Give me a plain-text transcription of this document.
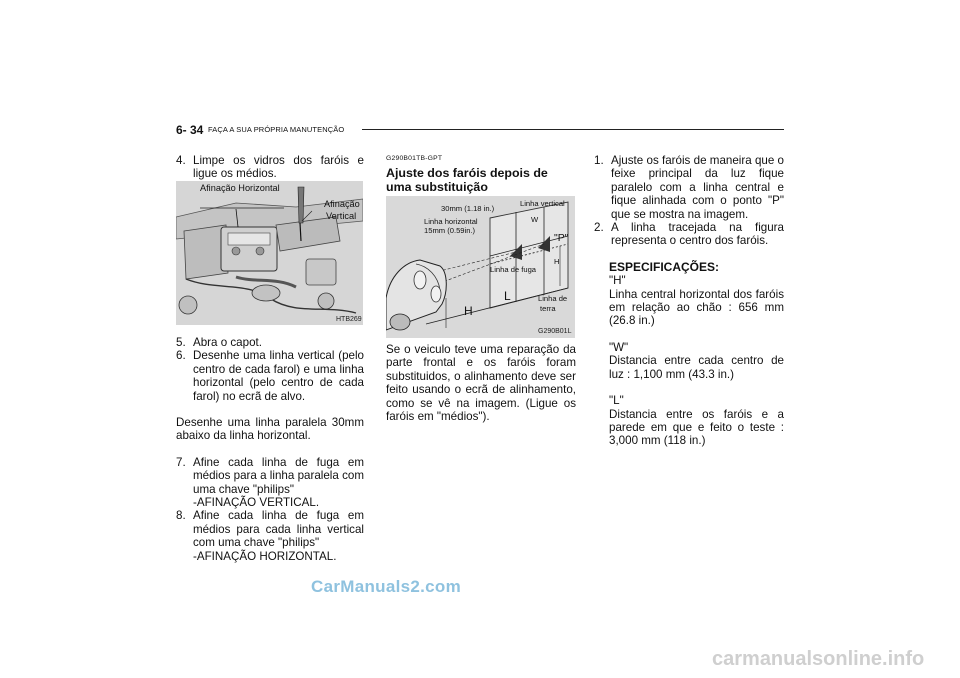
6- 34 FAÇA A SUA PRÓPRIA MANUTENÇÃO

4. Limpe os vidros dos faróis e ligue os médios.

Afinação Horizontal
Afinação
Vertical
HTB269

5. Abra o capot.

6. Desenhe uma linha vertical (pelo centro de cada farol) e uma linha horizontal (pelo centro de cada farol) no ecrã de alvo.

Desenhe uma linha paralela 30mm abaixo da linha horizontal.

7. Afine cada linha de fuga em médios para a linha paralela com uma chave "philips"
-AFINAÇÃO VERTICAL.

8. Afine cada linha de fuga em médios para cada linha vertical com uma chave "philips"
-AFINAÇÃO HORIZONTAL.

G290B01TB-GPT
Ajuste dos faróis depois de uma substituição
30mm (1.18 in.)
Linha vertical
Linha horizontal
15mm (0.59in.)
W
"P"
H
Linha de fuga
L	Linha de
terra
H
G290B01L
Se o veiculo teve uma reparação da parte frontal e os faróis foram substituidos, o alinhamento deve ser feito usando o ecrã de alinhamento, como se vê na imagem. (Ligue os faróis em "médios").

1. Ajuste os faróis de maneira que o feixe principal da luz fique paralelo com a linha central e fique alinhada com o ponto "P" que se mostra na imagem.

2. A linha tracejada na figura representa o centro dos faróis.

ESPECIFICAÇÕES:

"H"

Linha central horizontal dos faróis em relação ao chão : 656 mm (26.8 in.)

"W"

Distancia entre cada centro de luz : 1,100 mm (43.3 in.)

"L"

Distancia entre os faróis e a parede em que e feito o teste : 3,000 mm (118 in.)

CarManuals2.com
carmanualsonline.info
